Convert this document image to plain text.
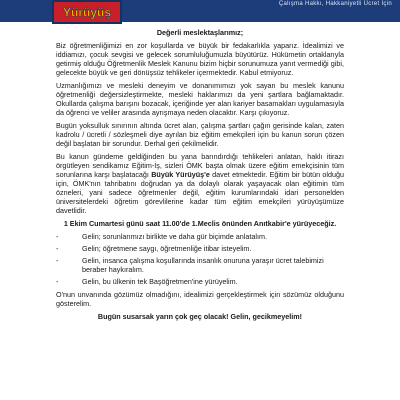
Çalışma Hakkı, Hakkaniyetli Ücret İçin
Yürüyüş
Değerli meslektaşlarımız;

Biz öğretmenliğimizi en zor koşullarda ve büyük bir fedakarlıkla yaparız. İdealimizi ve iddiamızı, çocuk sevgisi ve gelecek sorumluluğumuzla büyütürüz. Hükümetin ortaklarıyla getirmiş olduğu Öğretmenlik Meslek Kanunu bizim hiçbir sorunumuza yanıt vermediği gibi, gelecekte büyük ve geri dönüşsüz tehlikeler içermektedir. Kabul etmiyoruz.

Uzmanlığımızı ve mesleki deneyim ve donanımımızı yok sayan bu meslek kanunu öğretmenliği değersizleştirmekte, mesleki haklarımızı da yeni şartlara bağlamaktadır. Okullarda çalışma barışını bozacak, içeriğinde yer alan kariyer basamakları uygulamasıyla da öğrenci ve veliler arasında ayrışmaya neden olacaktır. Karşı çıkıyoruz.

Bugün yoksulluk sınırının altında ücret alan, çalışma şartları çağın gerisinde kalan, zaten kadrolu / ücretli / sözleşmeli diye ayrılan biz eğitim emekçileri için bu kanun sorun çözen değil başlatan bir sorundur. Derhal geri çekilmelidir.

Bu kanun gündeme geldiğinden bu yana barındırdığı tehlikeleri anlatan, haklı itirazı örgütleyen sendikamız Eğitim-İş, sizleri ÖMK başta olmak üzere eğitim emekçisinin tüm sorunlarına karşı başlatacağı Büyük Yürüyüş'e davet etmektedir. Eğitim bir bütün olduğu için, ÖMK'nın tahribatını doğrudan ya da dolaylı olarak yaşayacak olan eğitimin tüm özneleri, yani sadece öğretmenler değil, eğitim kurumlarındaki idari personelden üniversitelerdeki öğretim görevlilerine kadar tüm eğitim emekçileri yürüyüşümüze davetlidir.

1 Ekim Cumartesi günü saat 11.00'de 1.Meclis önünden Anıtkabir'e yürüyeceğiz.
-	Gelin; sorunlarımızı birlikte ve daha gür biçimde anlatalım.
-	Gelin; öğretmene saygı, öğretmenliğe itibar isteyelim.
-	Gelin, insanca çalışma koşullarında insanlık onuruna yaraşır ücret talebimizi beraber haykıralım.
-	Gelin, bu ülkenin tek Başöğretmen'ine yürüyelim.

O'nun unvanında gözümüz olmadığını, idealimizi gerçekleştirmek için sözümüz olduğunu gösterelim.

Bugün susarsak yarın çok geç olacak! Gelin, gecikmeyelim!
